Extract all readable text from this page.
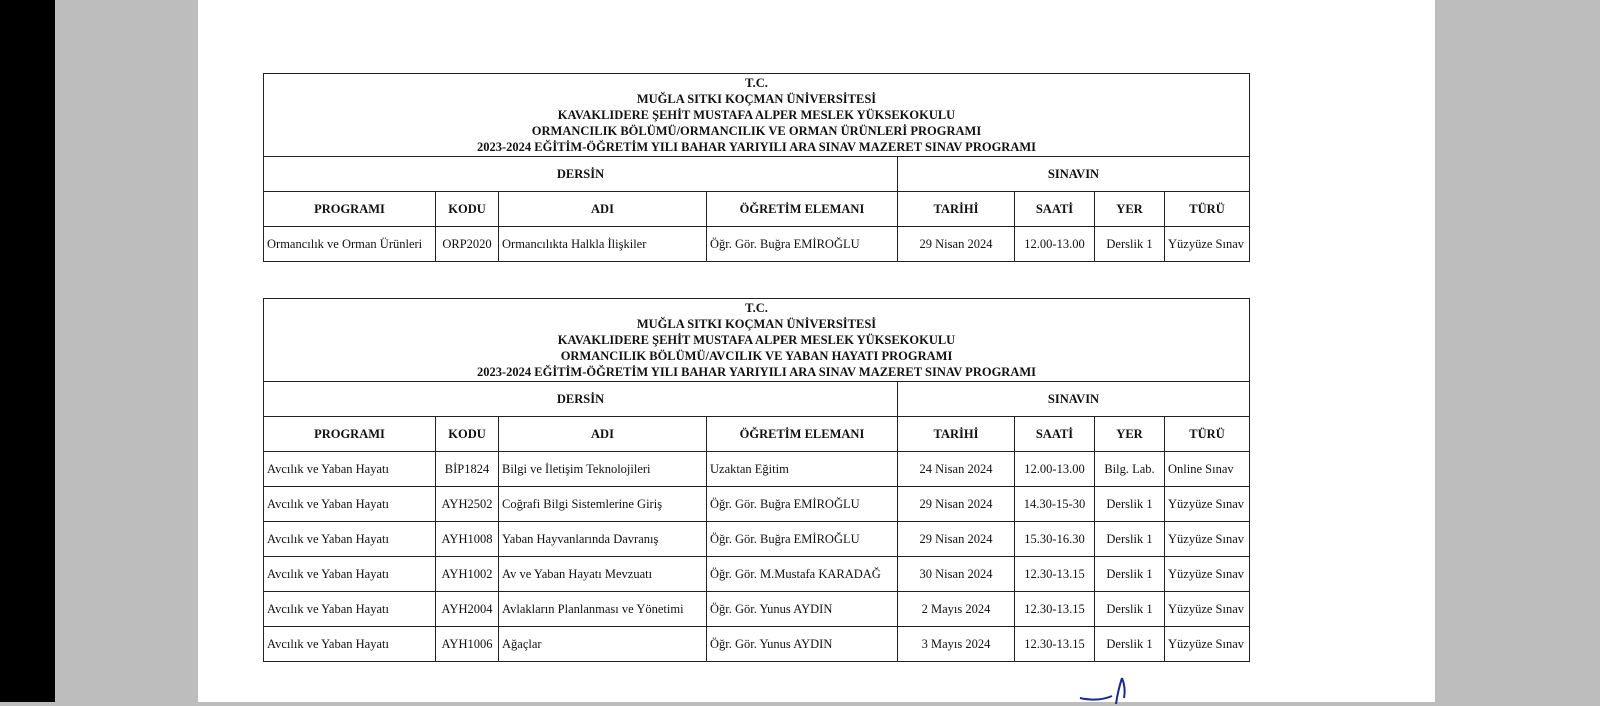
T.C.
MUĞLA SITKI KOÇMAN ÜNİVERSİTESİ
KAVAKLIDERE ŞEHİT MUSTAFA ALPER MESLEK YÜKSEKOKULU
ORMANCILIK BÖLÜMÜ/ORMANCILIK VE ORMAN ÜRÜNLERİ PROGRAMI
2023-2024 EĞİTİM-ÖĞRETİM YILI BAHAR YARIYILI ARA SINAV MAZERET SINAV PROGRAMI							

DERSİN				SINAVIN			
PROGRAMI	KODU	ADI	ÖĞRETİM ELEMANI	TARİHİ	SAATİ	YER	TÜRÜ
Ormancılık ve Orman Ürünleri	ORP2020	Ormancılıkta Halkla İlişkiler	Öğr. Gör. Buğra EMİROĞLU	29 Nisan 2024	12.00-13.00	Derslik 1	Yüzyüze Sınav
T.C.
MUĞLA SITKI KOÇMAN ÜNİVERSİTESİ
KAVAKLIDERE ŞEHİT MUSTAFA ALPER MESLEK YÜKSEKOKULU
ORMANCILIK BÖLÜMÜ/AVCILIK VE YABAN HAYATI PROGRAMI
2023-2024 EĞİTİM-ÖĞRETİM YILI BAHAR YARIYILI ARA SINAV MAZERET SINAV PROGRAMI							

DERSİN				SINAVIN			
PROGRAMI	KODU	ADI	ÖĞRETİM ELEMANI	TARİHİ	SAATİ	YER	TÜRÜ
Avcılık ve Yaban Hayatı	BİP1824	Bilgi ve İletişim Teknolojileri	Uzaktan Eğitim	24 Nisan 2024	12.00-13.00	Bilg. Lab.	Online Sınav
Avcılık ve Yaban Hayatı	AYH2502	Coğrafi Bilgi Sistemlerine Giriş	Öğr. Gör. Buğra EMİROĞLU	29 Nisan 2024	14.30-15-30	Derslik 1	Yüzyüze Sınav
Avcılık ve Yaban Hayatı	AYH1008	Yaban Hayvanlarında Davranış	Öğr. Gör. Buğra EMİROĞLU	29 Nisan 2024	15.30-16.30	Derslik 1	Yüzyüze Sınav
Avcılık ve Yaban Hayatı	AYH1002	Av ve Yaban Hayatı Mevzuatı	Öğr. Gör. M.Mustafa KARADAĞ	30 Nisan 2024	12.30-13.15	Derslik 1	Yüzyüze Sınav
Avcılık ve Yaban Hayatı	AYH2004	Avlakların Planlanması ve Yönetimi	Öğr. Gör. Yunus AYDIN	2 Mayıs 2024	12.30-13.15	Derslik 1	Yüzyüze Sınav
Avcılık ve Yaban Hayatı	AYH1006	Ağaçlar	Öğr. Gör. Yunus AYDIN	3 Mayıs 2024	12.30-13.15	Derslik 1	Yüzyüze Sınav
